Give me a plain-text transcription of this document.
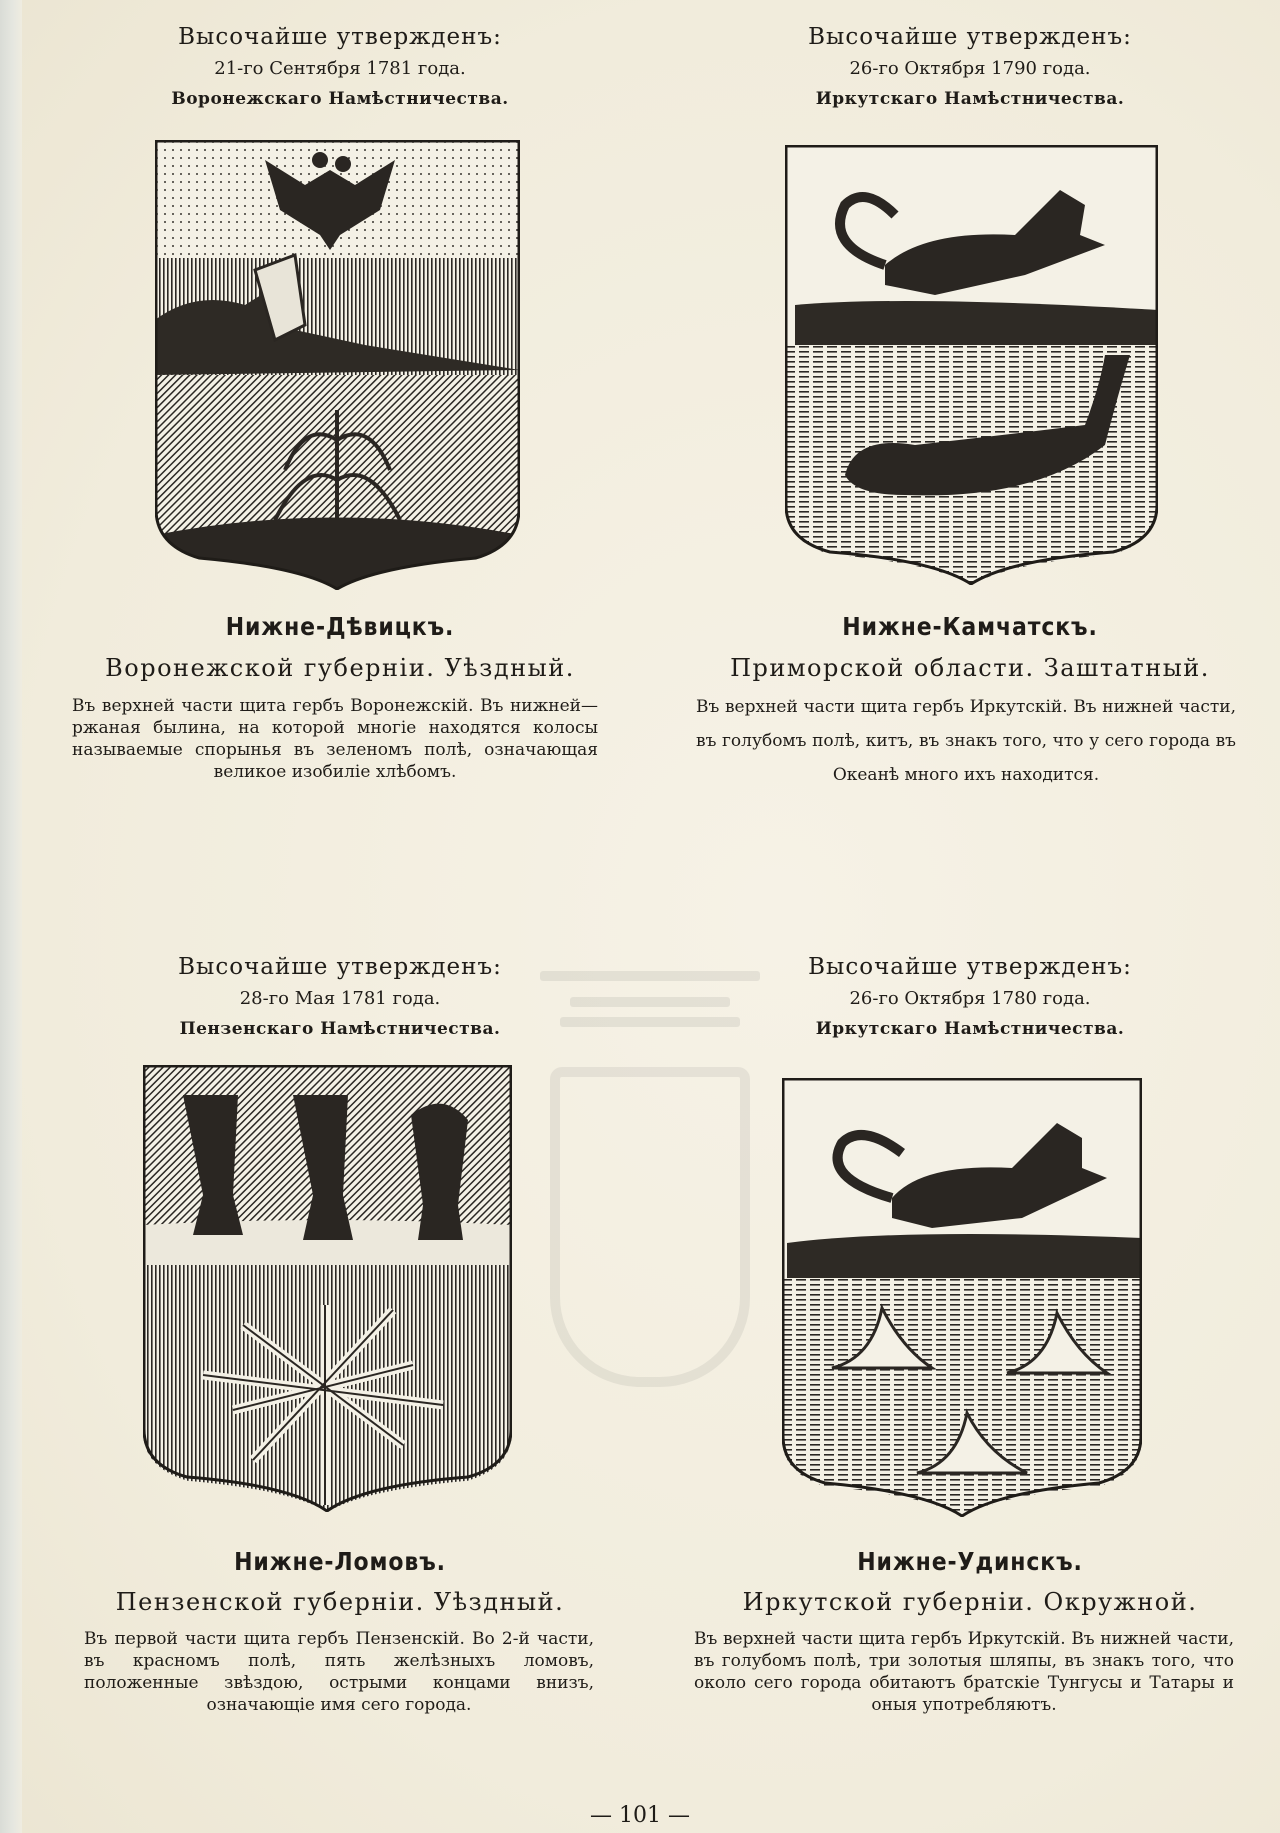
Высочайше утвержденъ:
21-го Сентября 1781 года.
Воронежскаго Намѣстничества.
Нижне-Дѣвицкъ.
Воронежской губерніи. Уѣздный.
Въ верхней части щита гербъ Воронежскій. Въ нижней—ржаная былина, на которой многіе находятся колосы называемые спорынья въ зеленомъ полѣ, означающая великое изобиліе хлѣбомъ.
Высочайше утвержденъ:
26-го Октября 1790 года.
Иркутскаго Намѣстничества.
Нижне-Камчатскъ.
Приморской области. Заштатный.
Въ верхней части щита гербъ Иркутскій. Въ нижней части, въ голубомъ полѣ, китъ, въ знакъ того, что у сего города въ Океанѣ много ихъ находится.
Высочайше утвержденъ:
28-го Мая 1781 года.
Пензенскаго Намѣстничества.
Нижне-Ломовъ.
Пензенской губерніи. Уѣздный.
Въ первой части щита гербъ Пензенскій. Во 2-й части, въ красномъ полѣ, пять желѣзныхъ ломовъ, положенные звѣздою, острыми концами внизъ, означающіе имя сего города.
Высочайше утвержденъ:
26-го Октября 1780 года.
Иркутскаго Намѣстничества.
Нижне-Удинскъ.
Иркутской губерніи. Окружной.
Въ верхней части щита гербъ Иркутскій. Въ нижней части, въ голубомъ полѣ, три золотыя шляпы, въ знакъ того, что около сего города обитаютъ братскіе Тунгусы и Татары и оныя употребляютъ.
— 101 —
